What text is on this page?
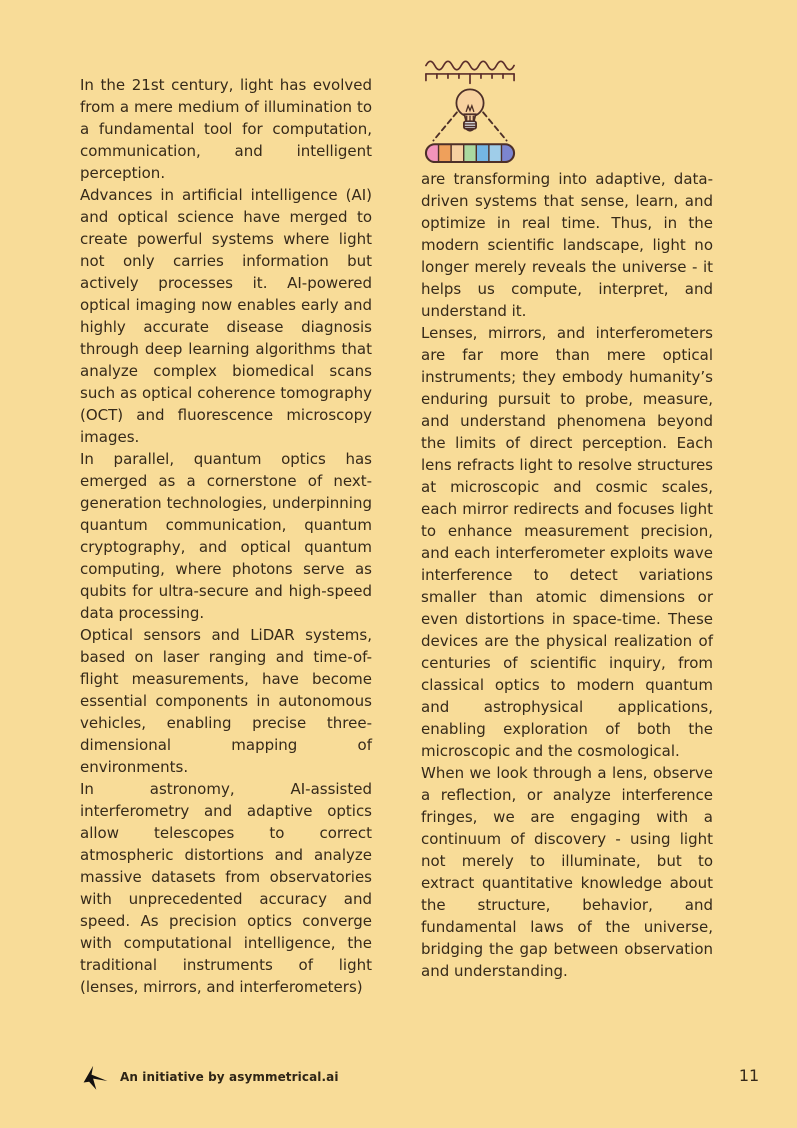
In the 21st century, light has evolved from a mere medium of illumination to a fundamental tool for computation, communication, and intelligent perception.

Advances in artificial intelligence (AI) and optical science have merged to create powerful systems where light not only carries information but actively processes it. AI-powered optical imaging now enables early and highly accurate disease diagnosis through deep learning algorithms that analyze complex biomedical scans such as optical coherence tomography (OCT) and fluorescence microscopy images.

In parallel, quantum optics has emerged as a cornerstone of next-generation technologies, underpinning quantum communication, quantum cryptography, and optical quantum computing, where photons serve as qubits for ultra-secure and high-speed data processing.

Optical sensors and LiDAR systems, based on laser ranging and time-of-flight measurements, have become essential components in autonomous vehicles, enabling precise three-dimensional mapping of environments.

In astronomy, AI-assisted interferometry and adaptive optics allow telescopes to correct atmospheric distortions and analyze massive datasets from observatories with unprecedented accuracy and speed. As precision optics converge with computational intelligence, the traditional instruments of light (lenses, mirrors, and interferometers)

are transforming into adaptive, data-driven systems that sense, learn, and optimize in real time. Thus, in the modern scientific landscape, light no longer merely reveals the universe - it helps us compute, interpret, and understand it.

Lenses, mirrors, and interferometers are far more than mere optical instruments; they embody humanity’s enduring pursuit to probe, measure, and understand phenomena beyond the limits of direct perception. Each lens refracts light to resolve structures at microscopic and cosmic scales, each mirror redirects and focuses light to enhance measurement precision, and each interferometer exploits wave interference to detect variations smaller than atomic dimensions or even distortions in space-time. These devices are the physical realization of centuries of scientific inquiry, from classical optics to modern quantum and astrophysical applications, enabling exploration of both the microscopic and the cosmological.

When we look through a lens, observe a reflection, or analyze interference fringes, we are engaging with a continuum of discovery - using light not merely to illuminate, but to extract quantitative knowledge about the structure, behavior, and fundamental laws of the universe, bridging the gap between observation and understanding.

An initiative by asymmetrical.ai	11
